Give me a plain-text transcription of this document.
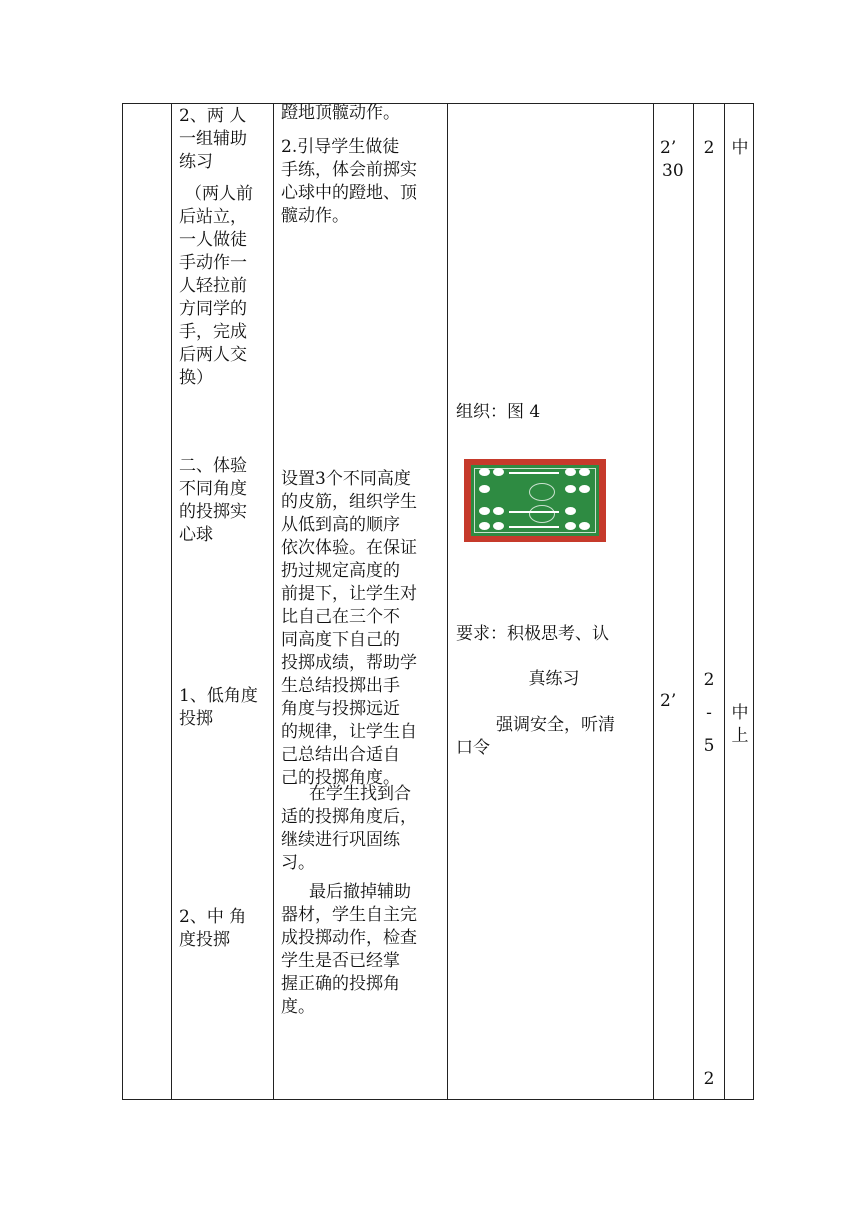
2、两 人
一组辅助
练习
（两人前
后站立，
一人做徒
手动作一
人轻拉前
方同学的
手，完成
后两人交
换）
二、体验
不同角度
的投掷实
心球
1、低角度
投掷
2、中 角
度投掷
蹬地顶髋动作。
2.引导学生做徒
手练，体会前掷实
心球中的蹬地、顶
髋动作。
设置3个不同高度
的皮筋，组织学生
从低到高的顺序
依次体验。在保证
扔过规定高度的
前提下，让学生对
比自己在三个不
同高度下自己的
投掷成绩，帮助学
生总结投掷出手
角度与投掷远近
的规律，让学生自
己总结出合适自
己的投掷角度。
在学生找到合
适的投掷角度后，
继续进行巩固练
习。
最后撤掉辅助
器材，学生自主完
成投掷动作，检查
学生是否已经掌
握正确的投掷角
度。
组织：图 4
要求：积极思考、认
真练习
强调安全，听清
口令
2’
30
2’
2
2
-
5
2
中
中
上
